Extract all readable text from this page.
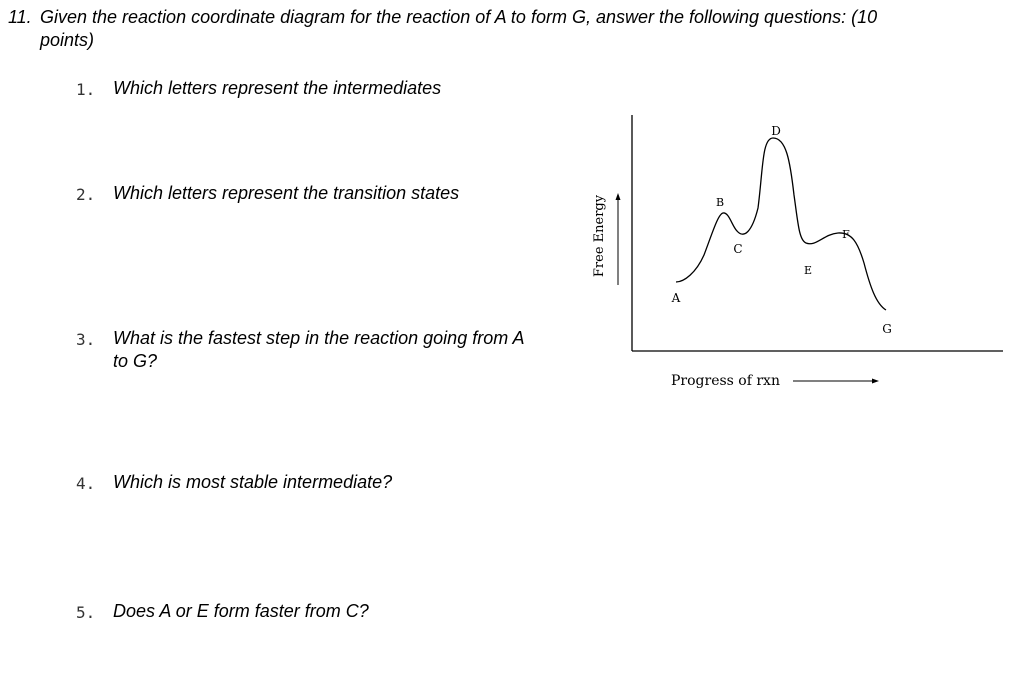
11. Given the reaction coordinate diagram for the reaction of A to form G, answer the following questions: (10
points)
1. Which letters represent the intermediates
2. Which letters represent the transition states
3. What is the fastest step in the reaction going from A
to G?
4. Which is most stable intermediate?
5. Does A or E form faster from C?
Free Energy
Progress of rxn
A
B
C
D
E
F
G
